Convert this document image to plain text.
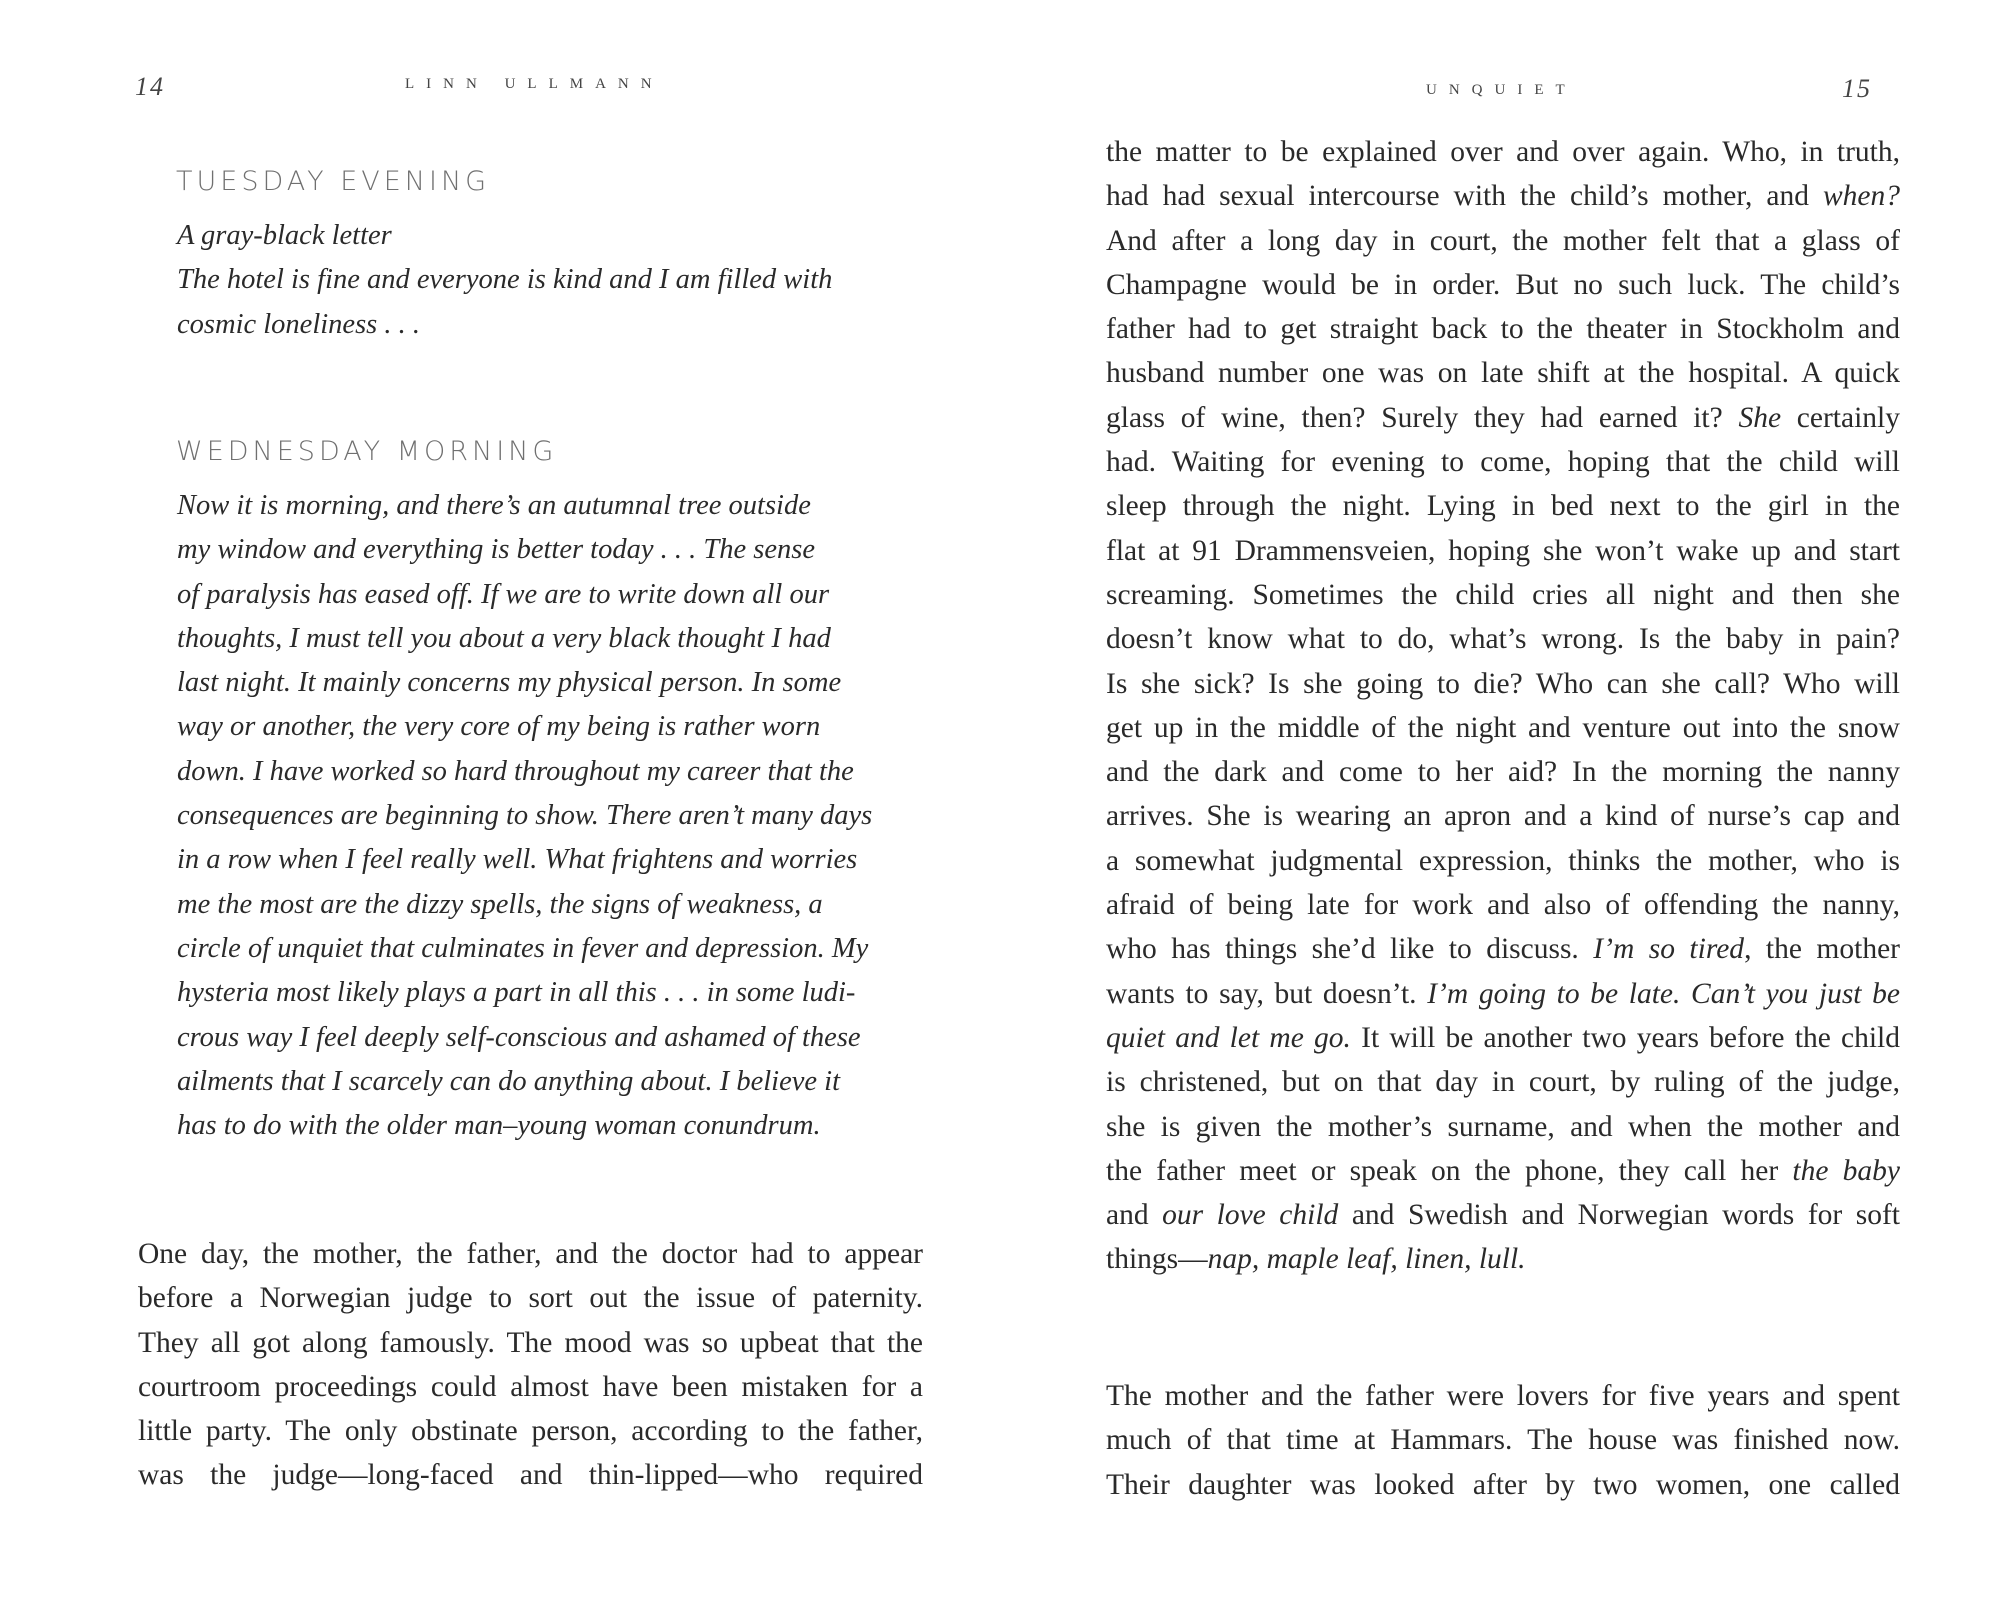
14	LINN ULLMANN
TUESDAY EVENING
A gray-black letter
The hotel is fine and everyone is kind and I am filled with
cosmic loneliness . . .
WEDNESDAY MORNING
Now it is morning, and there’s an autumnal tree outside
my window and everything is better today . . . The sense
of paralysis has eased off. If we are to write down all our
thoughts, I must tell you about a very black thought I had
last night. It mainly concerns my physical person. In some
way or another, the very core of my being is rather worn
down. I have worked so hard throughout my career that the
consequences are beginning to show. There aren’t many days
in a row when I feel really well. What frightens and worries
me the most are the dizzy spells, the signs of weakness, a
circle of unquiet that culminates in fever and depression. My
hysteria most likely plays a part in all this . . . in some ludi-
crous way I feel deeply self-conscious and ashamed of these
ailments that I scarcely can do anything about. I believe it
has to do with the older man–young woman conundrum.
One day, the mother, the father, and the doctor had to appear
before a Norwegian judge to sort out the issue of paternity.
They all got along famously. The mood was so upbeat that the
courtroom proceedings could almost have been mistaken for a
little party. The only obstinate person, according to the father,
was the judge—long-faced and thin-lipped—who required
UNQUIET	15
the matter to be explained over and over again. Who, in truth,
had had sexual intercourse with the child’s mother, and when?
And after a long day in court, the mother felt that a glass of
Champagne would be in order. But no such luck. The child’s
father had to get straight back to the theater in Stockholm and
husband number one was on late shift at the hospital. A quick
glass of wine, then? Surely they had earned it? She certainly
had. Waiting for evening to come, hoping that the child will
sleep through the night. Lying in bed next to the girl in the
flat at 91 Drammensveien, hoping she won’t wake up and start
screaming. Sometimes the child cries all night and then she
doesn’t know what to do, what’s wrong. Is the baby in pain?
Is she sick? Is she going to die? Who can she call? Who will
get up in the middle of the night and venture out into the snow
and the dark and come to her aid? In the morning the nanny
arrives. She is wearing an apron and a kind of nurse’s cap and
a somewhat judgmental expression, thinks the mother, who is
afraid of being late for work and also of offending the nanny,
who has things she’d like to discuss. I’m so tired, the mother
wants to say, but doesn’t. I’m going to be late. Can’t you just be
quiet and let me go. It will be another two years before the child
is christened, but on that day in court, by ruling of the judge,
she is given the mother’s surname, and when the mother and
the father meet or speak on the phone, they call her the baby
and our love child and Swedish and Norwegian words for soft
things—nap, maple leaf, linen, lull.
The mother and the father were lovers for five years and spent
much of that time at Hammars. The house was finished now.
Their daughter was looked after by two women, one called
